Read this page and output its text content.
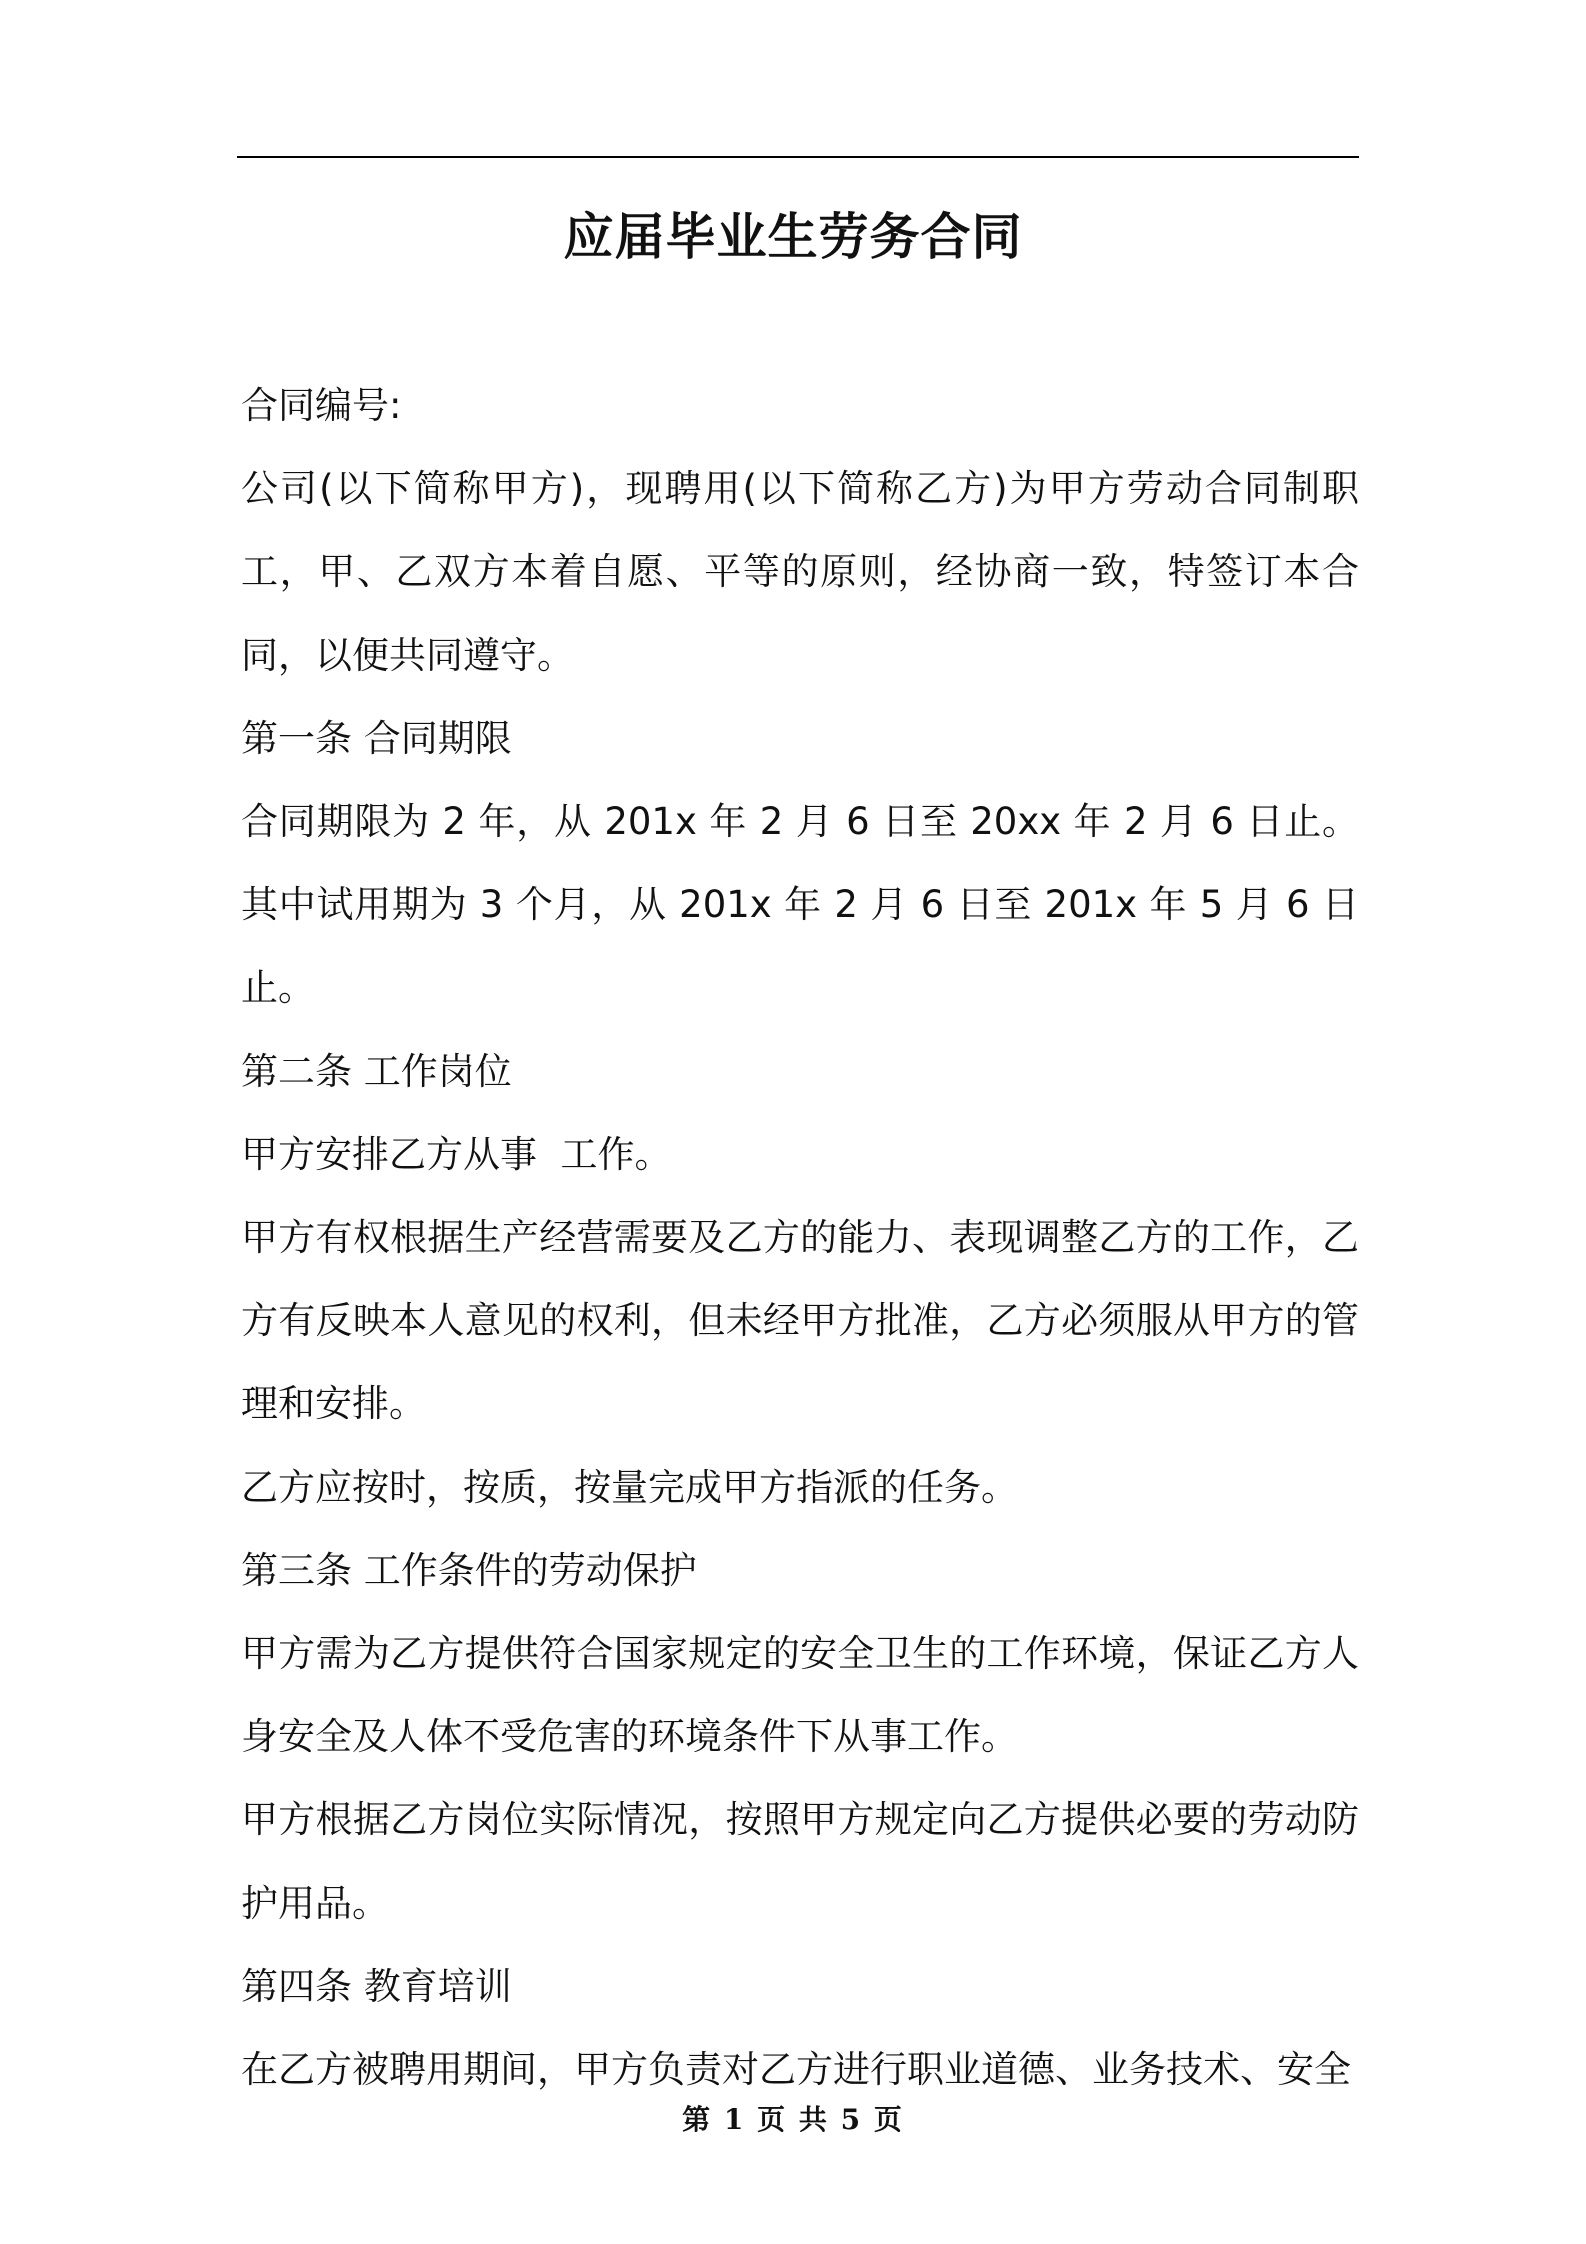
应届毕业生劳务合同

合同编号:

公司(以下简称甲方)，现聘用(以下简称乙方)为甲方劳动合同制职工，甲、乙双方本着自愿、平等的原则，经协商一致，特签订本合同，以便共同遵守。

第一条 合同期限

合同期限为 2 年，从 201x 年 2 月 6 日至 20xx 年 2 月 6 日止。其中试用期为 3 个月，从 201x 年 2 月 6 日至 201x 年 5 月 6 日止。

第二条 工作岗位

甲方安排乙方从事  工作。

甲方有权根据生产经营需要及乙方的能力、表现调整乙方的工作，乙方有反映本人意见的权利，但未经甲方批准，乙方必须服从甲方的管理和安排。

乙方应按时，按质，按量完成甲方指派的任务。

第三条 工作条件的劳动保护

甲方需为乙方提供符合国家规定的安全卫生的工作环境，保证乙方人身安全及人体不受危害的环境条件下从事工作。

甲方根据乙方岗位实际情况，按照甲方规定向乙方提供必要的劳动防护用品。

第四条 教育培训

在乙方被聘用期间，甲方负责对乙方进行职业道德、业务技术、安全

第 1 页 共 5 页
